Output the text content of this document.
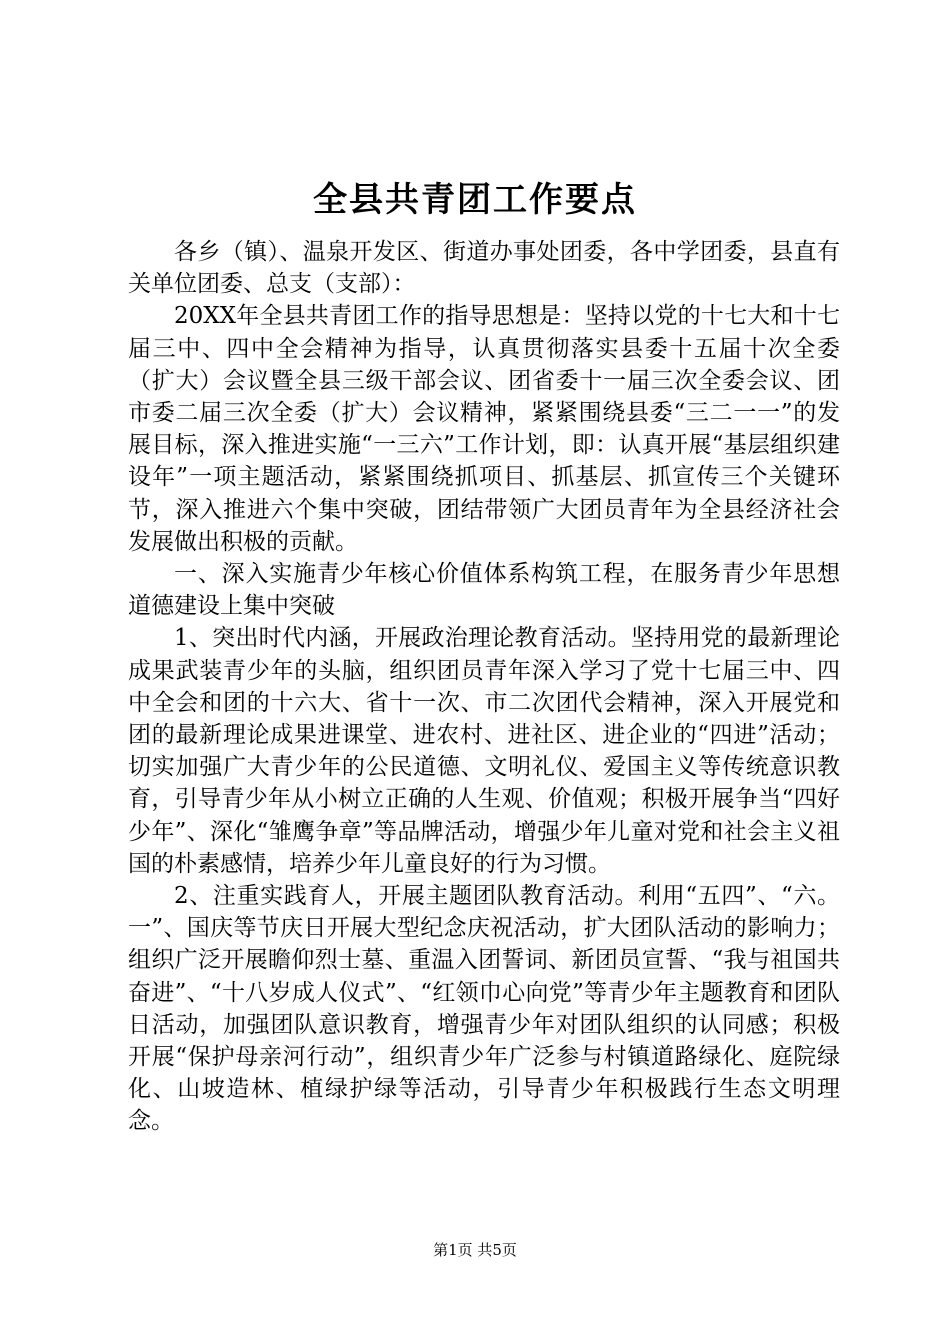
全县共青团工作要点

各乡（镇）、温泉开发区、街道办事处团委，各中学团委，县直有关单位团委、总支（支部）：

20XX年全县共青团工作的指导思想是：坚持以党的十七大和十七届三中、四中全会精神为指导，认真贯彻落实县委十五届十次全委（扩大）会议暨全县三级干部会议、团省委十一届三次全委会议、团市委二届三次全委（扩大）会议精神，紧紧围绕县委“三二一一”的发展目标，深入推进实施“一三六”工作计划，即：认真开展“基层组织建设年”一项主题活动，紧紧围绕抓项目、抓基层、抓宣传三个关键环节，深入推进六个集中突破，团结带领广大团员青年为全县经济社会发展做出积极的贡献。

一、深入实施青少年核心价值体系构筑工程，在服务青少年思想道德建设上集中突破

1、突出时代内涵，开展政治理论教育活动。坚持用党的最新理论成果武装青少年的头脑，组织团员青年深入学习了党十七届三中、四中全会和团的十六大、省十一次、市二次团代会精神，深入开展党和团的最新理论成果进课堂、进农村、进社区、进企业的“四进”活动；切实加强广大青少年的公民道德、文明礼仪、爱国主义等传统意识教育，引导青少年从小树立正确的人生观、价值观；积极开展争当“四好少年”、深化“雏鹰争章”等品牌活动，增强少年儿童对党和社会主义祖国的朴素感情，培养少年儿童良好的行为习惯。

2、注重实践育人，开展主题团队教育活动。利用“五四”、“六。一”、国庆等节庆日开展大型纪念庆祝活动，扩大团队活动的影响力；组织广泛开展瞻仰烈士墓、重温入团誓词、新团员宣誓、“我与祖国共奋进”、“十八岁成人仪式”、“红领巾心向党”等青少年主题教育和团队日活动，加强团队意识教育，增强青少年对团队组织的认同感；积极开展“保护母亲河行动”，组织青少年广泛参与村镇道路绿化、庭院绿化、山坡造林、植绿护绿等活动，引导青少年积极践行生态文明理念。

第1页 共5页
